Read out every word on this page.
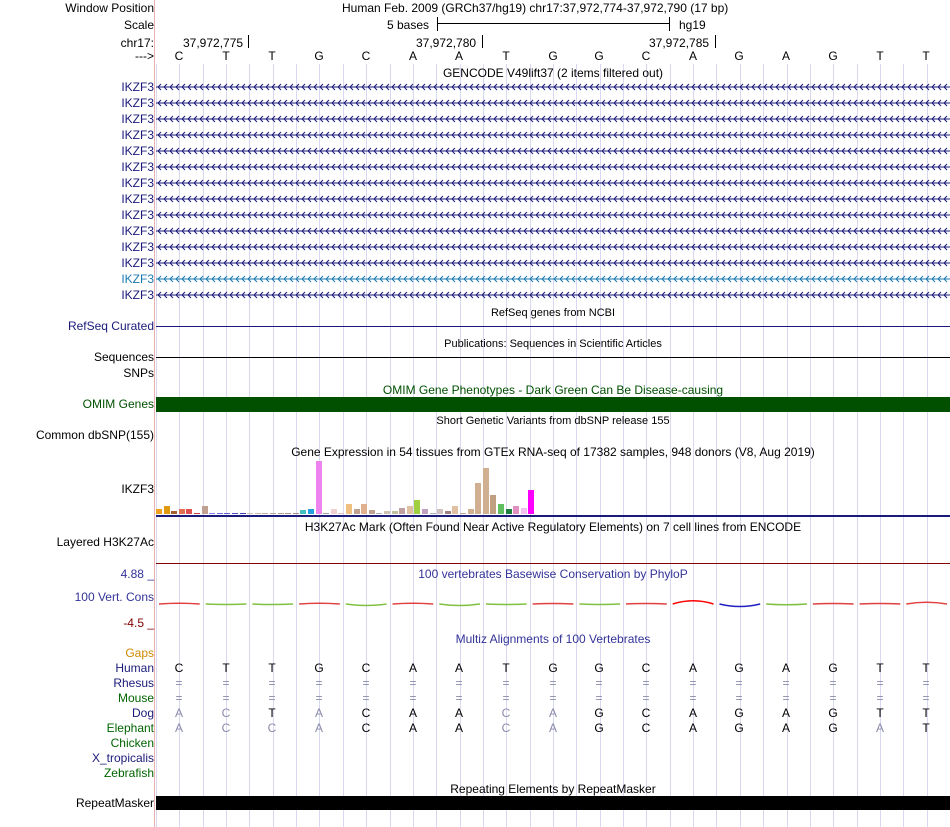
Window Position	Human Feb. 2009 (GRCh37/hg19) chr17:37,972,774-37,972,790 (17 bp)
Scale	5 bases	hg19
chr17: 37,972,775	37,972,780	37,972,785
--->	C	T	T	G	C	A	A	T	G	G	C	A	G	A	G	T	T
GENCODE V49lift37 (2 items filtered out)
IKZF3
IKZF3
IKZF3
IKZF3
IKZF3
IKZF3
IKZF3
IKZF3
IKZF3
IKZF3
IKZF3
IKZF3
IKZF3
IKZF3
RefSeq genes from NCBI
RefSeq Curated
Publications: Sequences in Scientific Articles
Sequences
SNPs
OMIM Gene Phenotypes - Dark Green Can Be Disease-causing
OMIM Genes
Short Genetic Variants from dbSNP release 155
Common dbSNP(155)
Gene Expression in 54 tissues from GTEx RNA-seq of 17382 samples, 948 donors (V8, Aug 2019)
IKZF3
H3K27Ac Mark (Often Found Near Active Regulatory Elements) on 7 cell lines from ENCODE
Layered H3K27Ac
100 vertebrates Basewise Conservation by PhyloP
4.88 _
100 Vert. Cons
-4.5 _
Multiz Alignments of 100 Vertebrates
Gaps
Human	C	T	T	G	C	A	A	T	G	G	C	A	G	A	G	T	T
Rhesus	=	=	=	=	=	=	=	=	=	=	=	=	=	=	=	=	=
Mouse	=	=	=	=	=	=	=	=	=	=	=	=	=	=	=	=	=
Dog	A	C	T	A	C	A	A	C	A	G	C	A	G	A	G	T	T
Elephant	A	C	C	A	C	A	A	C	A	G	C	A	G	A	G	A	T
Chicken
X_tropicalis
Zebrafish
Repeating Elements by RepeatMasker
RepeatMasker
